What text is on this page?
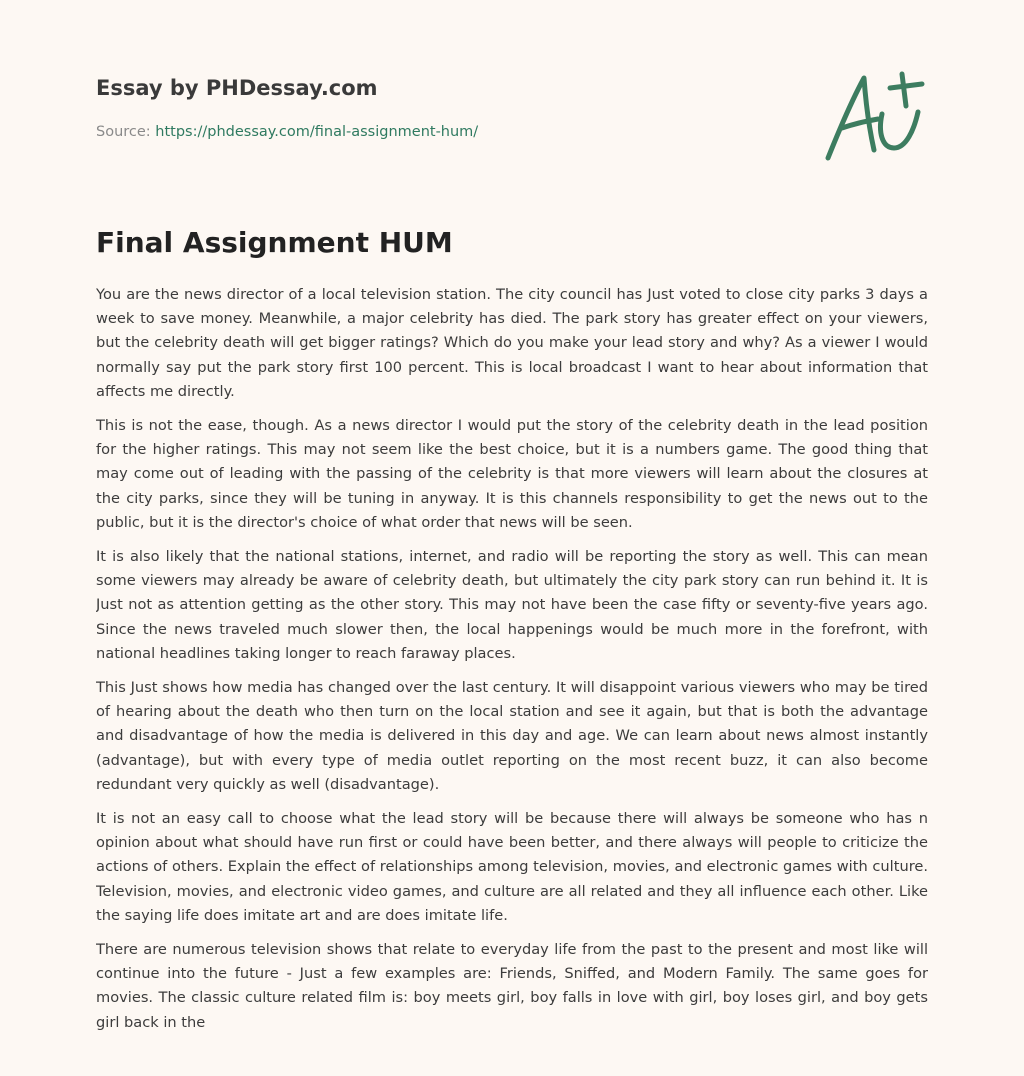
Essay by PHDessay.com
Source: https://phdessay.com/final-assignment-hum/
Final Assignment HUM

You are the news director of a local television station. The city council has Just voted to close city parks 3 days a week to save money. Meanwhile, a major celebrity has died. The park story has greater effect on your viewers, but the celebrity death will get bigger ratings? Which do you make your lead story and why? As a viewer I would normally say put the park story first 100 percent. This is local broadcast I want to hear about information that affects me directly.

This is not the ease, though. As a news director I would put the story of the celebrity death in the lead position for the higher ratings. This may not seem like the best choice, but it is a numbers game. The good thing that may come out of leading with the passing of the celebrity is that more viewers will learn about the closures at the city parks, since they will be tuning in anyway. It is this channels responsibility to get the news out to the public, but it is the director's choice of what order that news will be seen.

It is also likely that the national stations, internet, and radio will be reporting the story as well. This can mean some viewers may already be aware of celebrity death, but ultimately the city park story can run behind it. It is Just not as attention getting as the other story. This may not have been the case fifty or seventy-five years ago. Since the news traveled much slower then, the local happenings would be much more in the forefront, with national headlines taking longer to reach faraway places.

This Just shows how media has changed over the last century. It will disappoint various viewers who may be tired of hearing about the death who then turn on the local station and see it again, but that is both the advantage and disadvantage of how the media is delivered in this day and age. We can learn about news almost instantly (advantage), but with every type of media outlet reporting on the most recent buzz, it can also become redundant very quickly as well (disadvantage).

It is not an easy call to choose what the lead story will be because there will always be someone who has n opinion about what should have run first or could have been better, and there always will people to criticize the actions of others. Explain the effect of relationships among television, movies, and electronic games with culture. Television, movies, and electronic video games, and culture are all related and they all influence each other. Like the saying life does imitate art and are does imitate life.

There are numerous television shows that relate to everyday life from the past to the present and most like will continue into the future - Just a few examples are: Friends, Sniffed, and Modern Family. The same goes for movies. The classic culture related film is: boy meets girl, boy falls in love with girl, boy loses girl, and boy gets girl back in the
